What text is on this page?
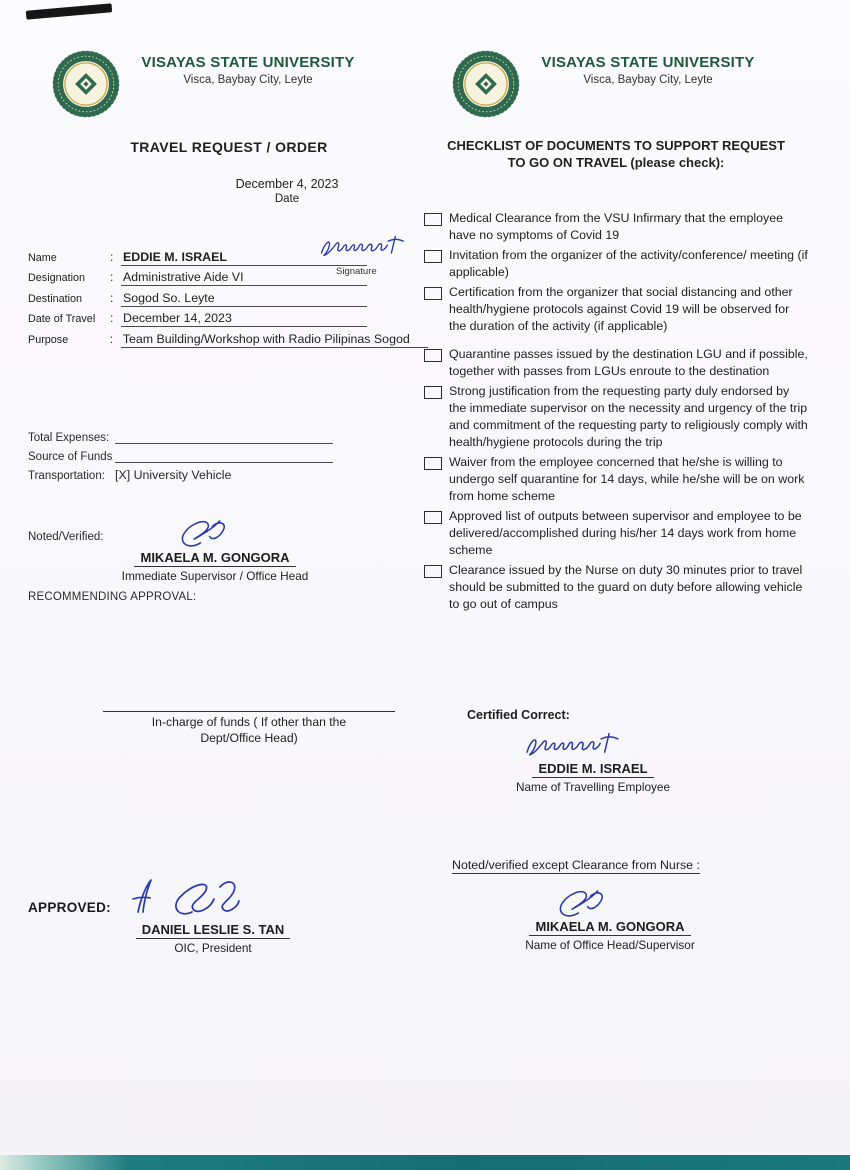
VISAYAS STATE UNIVERSITY
Visca, Baybay City, Leyte
VISAYAS STATE UNIVERSITY
Visca, Baybay City, Leyte
TRAVEL REQUEST / ORDER
December 4, 2023
Date
Name	: EDDIE M. ISRAEL
Designation	: Administrative Aide VI
Destination	: Sogod So. Leyte
Date of Travel	: December 14, 2023
Purpose	: Team Building/Workshop with Radio Pilipinas Sogod
Signature
Total Expenses:
Source of Funds
Transportation: [X] University Vehicle
Noted/Verified:
MIKAELA M. GONGORA
Immediate Supervisor / Office Head
RECOMMENDING APPROVAL:
In-charge of funds ( If other than the
Dept/Office Head)
APPROVED:
DANIEL LESLIE S. TAN
OIC, President
CHECKLIST OF DOCUMENTS TO SUPPORT REQUEST
TO GO ON TRAVEL (please check):
Medical Clearance from the VSU Infirmary that the employee have no symptoms of Covid 19
Invitation from the organizer of the activity/conference/ meeting (if applicable)
Certification from the organizer that social distancing and other health/hygiene protocols against Covid 19 will be observed for the duration of the activity (if applicable)
Quarantine passes issued by the destination LGU and if possible, together with passes from LGUs enroute to the destination
Strong justification from the requesting party duly endorsed by the immediate supervisor on the necessity and urgency of the trip and commitment of the requesting party to religiously comply with health/hygiene protocols during the trip
Waiver from the employee concerned that he/she is willing to undergo self quarantine for 14 days, while he/she will be on work from home scheme
Approved list of outputs between supervisor and employee to be delivered/accomplished during his/her 14 days work from home scheme
Clearance issued by the Nurse on duty 30 minutes prior to travel should be submitted to the guard on duty before allowing vehicle to go out of campus
Certified Correct:
EDDIE M. ISRAEL
Name of Travelling Employee
Noted/verified except Clearance from Nurse :
MIKAELA M. GONGORA
Name of Office Head/Supervisor
